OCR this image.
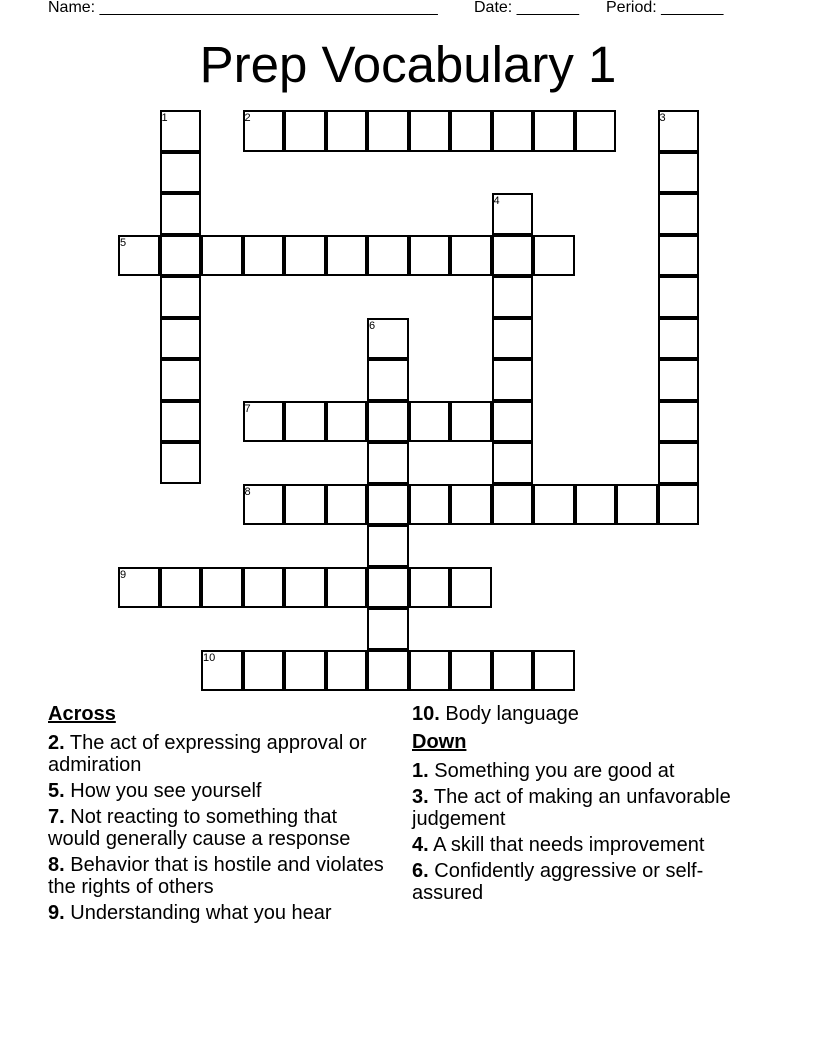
Name: ______________________________________ Date: _______ Period: _______
Prep Vocabulary 1
1	2	3
4
5
6
7
8
9
10
Across
2. The act of expressing approval or admiration
5. How you see yourself
7. Not reacting to something that would generally cause a response
8. Behavior that is hostile and violates the rights of others
9. Understanding what you hear
10. Body language
Down
1. Something you are good at
3. The act of making an unfavorable judgement
4. A skill that needs improvement
6. Confidently aggressive or self-assured
